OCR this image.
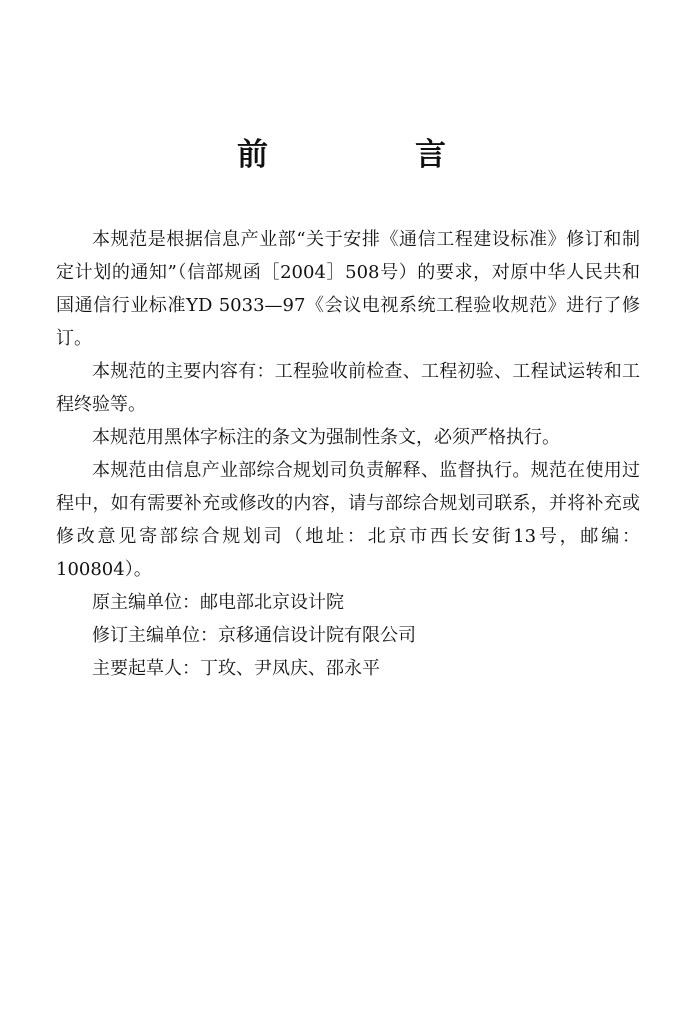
前　言

本规范是根据信息产业部“关于安排《通信工程建设标准》修订和制定计划的通知”（信部规函［2004］508号）的要求，对原中华人民共和国通信行业标准YD 5033—97《会议电视系统工程验收规范》进行了修订。

本规范的主要内容有：工程验收前检查、工程初验、工程试运转和工程终验等。

本规范用黑体字标注的条文为强制性条文，必须严格执行。

本规范由信息产业部综合规划司负责解释、监督执行。规范在使用过程中，如有需要补充或修改的内容，请与部综合规划司联系，并将补充或修改意见寄部综合规划司（地址：北京市西长安街13号，邮编：100804）。

原主编单位：邮电部北京设计院

修订主编单位：京移通信设计院有限公司

主要起草人：丁玫、尹凤庆、邵永平
